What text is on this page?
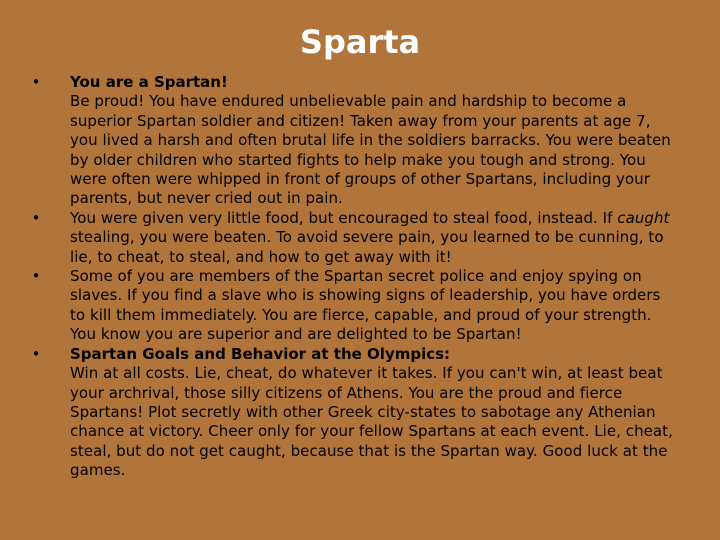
Sparta
•	You are a Spartan!
Be proud! You have endured unbelievable pain and hardship to become a superior Spartan soldier and citizen! Taken away from your parents at age 7, you lived a harsh and often brutal life in the soldiers barracks. You were beaten by older children who started fights to help make you tough and strong. You were often were whipped in front of groups of other Spartans, including your parents, but never cried out in pain.
•	You were given very little food, but encouraged to steal food, instead. If caught stealing, you were beaten. To avoid severe pain, you learned to be cunning, to lie, to cheat, to steal, and how to get away with it!
•	Some of you are members of the Spartan secret police and enjoy spying on slaves. If you find a slave who is showing signs of leadership, you have orders to kill them immediately. You are fierce, capable, and proud of your strength. You know you are superior and are delighted to be Spartan!
•	Spartan Goals and Behavior at the Olympics:
Win at all costs. Lie, cheat, do whatever it takes. If you can't win, at least beat your archrival, those silly citizens of Athens. You are the proud and fierce Spartans! Plot secretly with other Greek city-states to sabotage any Athenian chance at victory. Cheer only for your fellow Spartans at each event. Lie, cheat, steal, but do not get caught, because that is the Spartan way. Good luck at the games.
